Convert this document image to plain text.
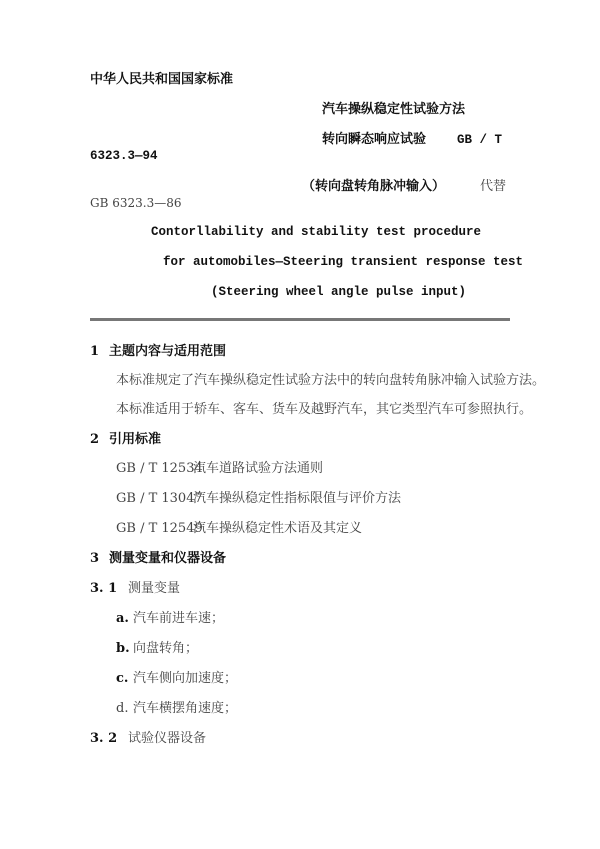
中华人民共和国国家标准
汽车操纵稳定性试验方法
转向瞬态响应试验 GB / T
6323.3—94
（转向盘转角脉冲输入）	代替
GB 6323.3—86
Contorllability and stability test procedure
for automobiles—Steering transient response test
(Steering wheel angle pulse input)
1 主题内容与适用范围
本标准规定了汽车操纵稳定性试验方法中的转向盘转角脉冲输入试验方法。
本标准适用于轿车、客车、货车及越野汽车，其它类型汽车可参照执行。
2 引用标准
GB / T 12534
汽车道路试验方法通则
GB / T 13047
汽车操纵稳定性指标限值与评价方法
GB / T 12549
汽车操纵稳定性术语及其定义
3 测量变量和仪器设备
3. 1 测量变量
a. 汽车前进车速；
b. 向盘转角；
c. 汽车侧向加速度；
d. 汽车横摆角速度；
3. 2 试验仪器设备
